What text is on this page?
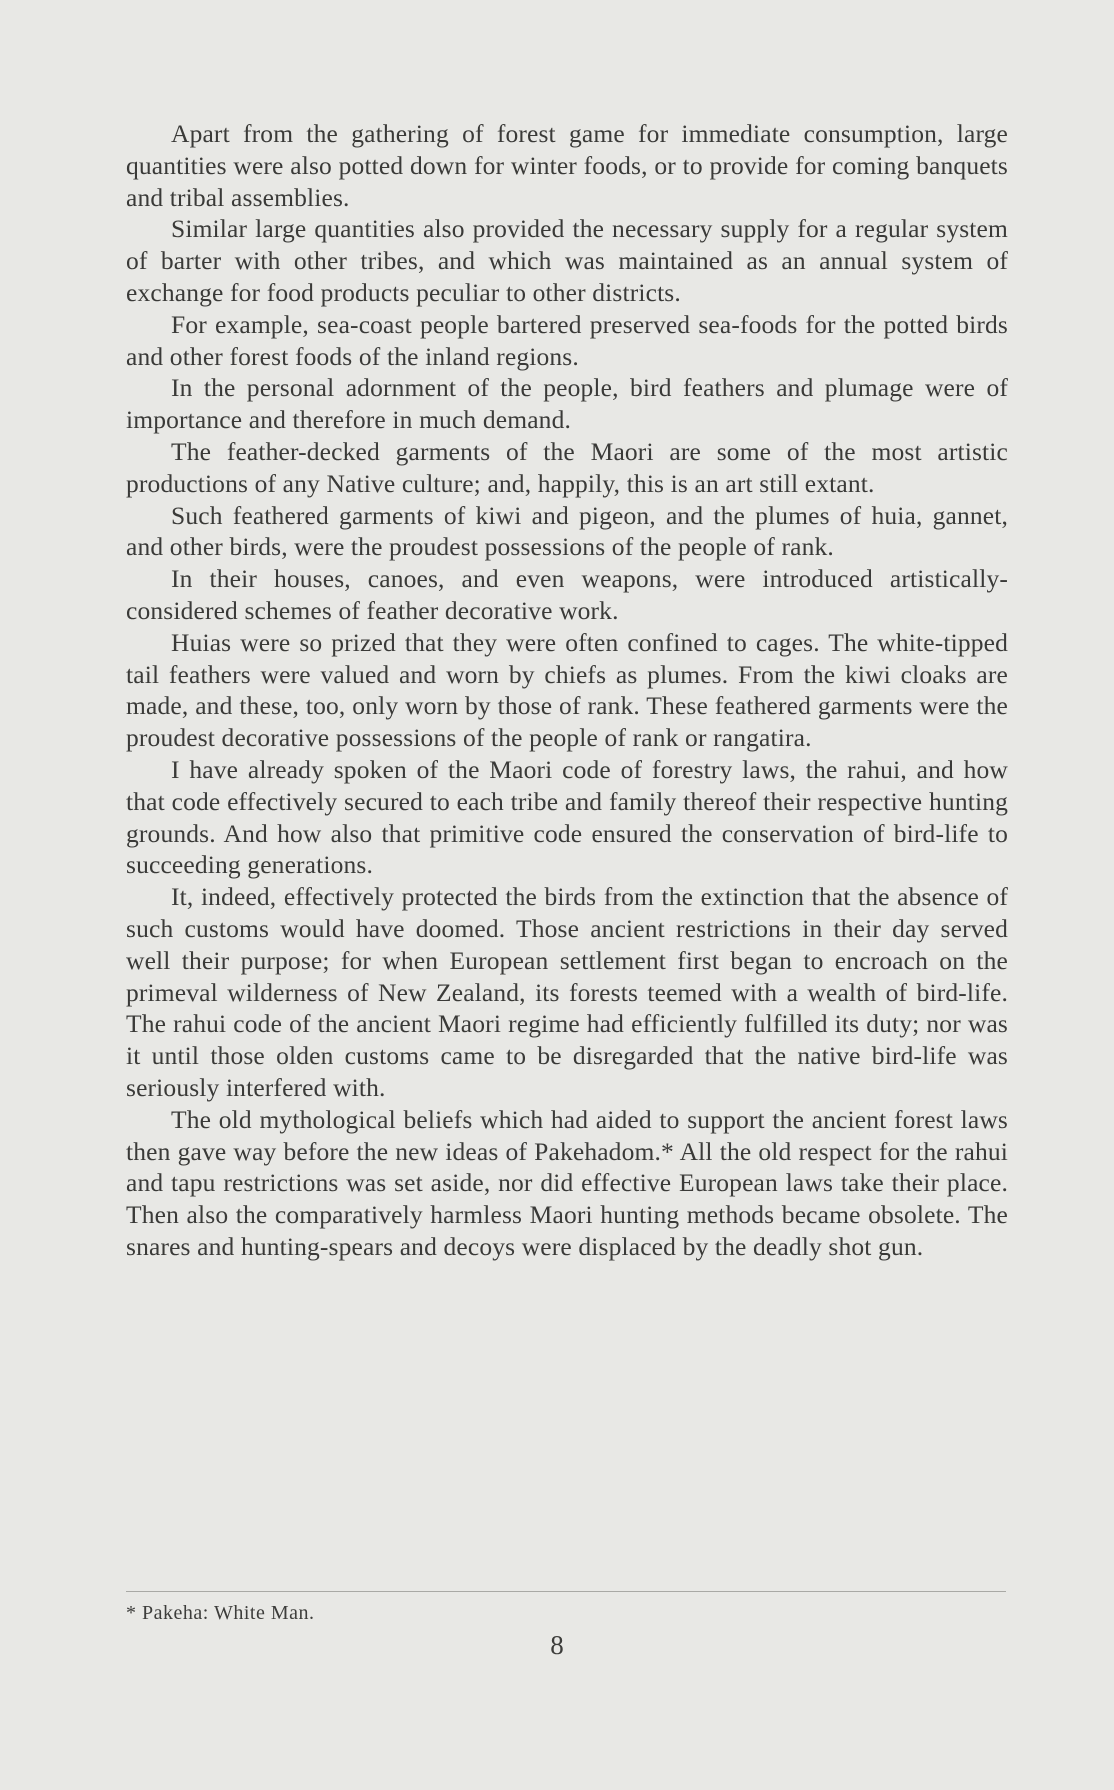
Apart from the gathering of forest game for immediate consumption, large quantities were also potted down for winter foods, or to provide for coming banquets and tribal assemblies.

Similar large quantities also provided the necessary supply for a regular system of barter with other tribes, and which was maintained as an annual system of exchange for food products peculiar to other districts.

For example, sea-coast people bartered preserved sea-foods for the potted birds and other forest foods of the inland regions.

In the personal adornment of the people, bird feathers and plumage were of importance and therefore in much demand.

The feather-decked garments of the Maori are some of the most artistic productions of any Native culture; and, happily, this is an art still extant.

Such feathered garments of kiwi and pigeon, and the plumes of huia, gannet, and other birds, were the proudest possessions of the people of rank.

In their houses, canoes, and even weapons, were introduced artistically-considered schemes of feather decorative work.

Huias were so prized that they were often confined to cages. The white-tipped tail feathers were valued and worn by chiefs as plumes. From the kiwi cloaks are made, and these, too, only worn by those of rank. These feathered garments were the proudest decorative possessions of the people of rank or rangatira.

I have already spoken of the Maori code of forestry laws, the rahui, and how that code effectively secured to each tribe and family thereof their respective hunting grounds. And how also that primitive code ensured the conservation of bird-life to succeeding generations.

It, indeed, effectively protected the birds from the extinction that the absence of such customs would have doomed. Those ancient restrictions in their day served well their purpose; for when European settlement first began to encroach on the primeval wilderness of New Zealand, its forests teemed with a wealth of bird-life. The rahui code of the ancient Maori regime had efficiently fulfilled its duty; nor was it until those olden customs came to be disregarded that the native bird-life was seriously interfered with.

The old mythological beliefs which had aided to support the ancient forest laws then gave way before the new ideas of Pakehadom.* All the old respect for the rahui and tapu restrictions was set aside, nor did effective European laws take their place. Then also the comparatively harmless Maori hunting methods became obsolete. The snares and hunting-spears and decoys were displaced by the deadly shot gun.

* Pakeha: White Man.
8
